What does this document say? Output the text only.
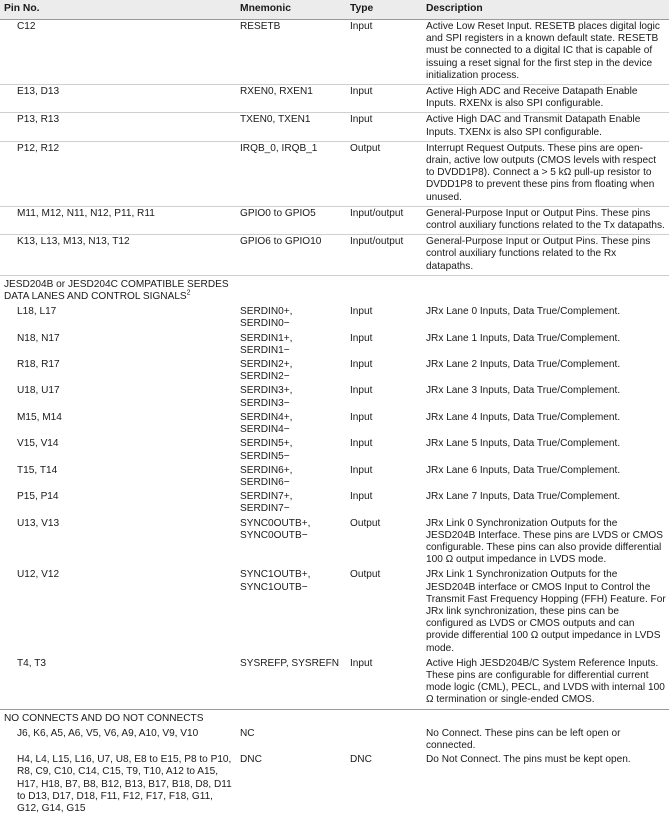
Pin No.	Mnemonic	Type	Description
C12	RESETB	Input	Active Low Reset Input. RESETB places digital logic and SPI registers in a known default state. RESETB must be connected to a digital IC that is capable of issuing a reset signal for the first step in the device initialization process.
E13, D13	RXEN0, RXEN1	Input	Active High ADC and Receive Datapath Enable Inputs. RXENx is also SPI configurable.
P13, R13	TXEN0, TXEN1	Input	Active High DAC and Transmit Datapath Enable Inputs. TXENx is also SPI configurable.
P12, R12	IRQB_0, IRQB_1	Output	Interrupt Request Outputs. These pins are open-drain, active low outputs (CMOS levels with respect to DVDD1P8). Connect a > 5 kΩ pull-up resistor to DVDD1P8 to prevent these pins from floating when unused.
M11, M12, N11, N12, P11, R11	GPIO0 to GPIO5	Input/output	General-Purpose Input or Output Pins. These pins control auxiliary functions related to the Tx datapaths.
K13, L13, M13, N13, T12	GPIO6 to GPIO10	Input/output	General-Purpose Input or Output Pins. These pins control auxiliary functions related to the Rx datapaths.
JESD204B or JESD204C COMPATIBLE SERDES DATA LANES AND CONTROL SIGNALS$^2$			
L18, L17	SERDIN0+, SERDIN0−	Input	JRx Lane 0 Inputs, Data True/Complement.
N18, N17	SERDIN1+, SERDIN1−	Input	JRx Lane 1 Inputs, Data True/Complement.
R18, R17	SERDIN2+, SERDIN2−	Input	JRx Lane 2 Inputs, Data True/Complement.
U18, U17	SERDIN3+, SERDIN3−	Input	JRx Lane 3 Inputs, Data True/Complement.
M15, M14	SERDIN4+, SERDIN4−	Input	JRx Lane 4 Inputs, Data True/Complement.
V15, V14	SERDIN5+, SERDIN5−	Input	JRx Lane 5 Inputs, Data True/Complement.
T15, T14	SERDIN6+, SERDIN6−	Input	JRx Lane 6 Inputs, Data True/Complement.
P15, P14	SERDIN7+, SERDIN7−	Input	JRx Lane 7 Inputs, Data True/Complement.
U13, V13	SYNC0OUTB+, SYNC0OUTB−	Output	JRx Link 0 Synchronization Outputs for the JESD204B Interface. These pins are LVDS or CMOS configurable. These pins can also provide differential 100 Ω output impedance in LVDS mode.
U12, V12	SYNC1OUTB+, SYNC1OUTB−	Output	JRx Link 1 Synchronization Outputs for the JESD204B interface or CMOS Input to Control the Transmit Fast Frequency Hopping (FFH) Feature. For JRx link synchronization, these pins can be configured as LVDS or CMOS outputs and can provide differential 100 Ω output impedance in LVDS mode.
T4, T3	SYSREFP, SYSREFN	Input	Active High JESD204B/C System Reference Inputs. These pins are configurable for differential current mode logic (CML), PECL, and LVDS with internal 100 Ω termination or single-ended CMOS.
NO CONNECTS AND DO NOT CONNECTS			
J6, K6, A5, A6, V5, V6, A9, A10, V9, V10	NC		No Connect. These pins can be left open or connected.
H4, L4, L15, L16, U7, U8, E8 to E15, P8 to P10, R8, C9, C10, C14, C15, T9, T10, A12 to A15, H17, H18, B7, B8, B12, B13, B17, B18, D8, D11 to D13, D17, D18, F11, F12, F17, F18, G11, G12, G14, G15	DNC	DNC	Do Not Connect. The pins must be kept open.
